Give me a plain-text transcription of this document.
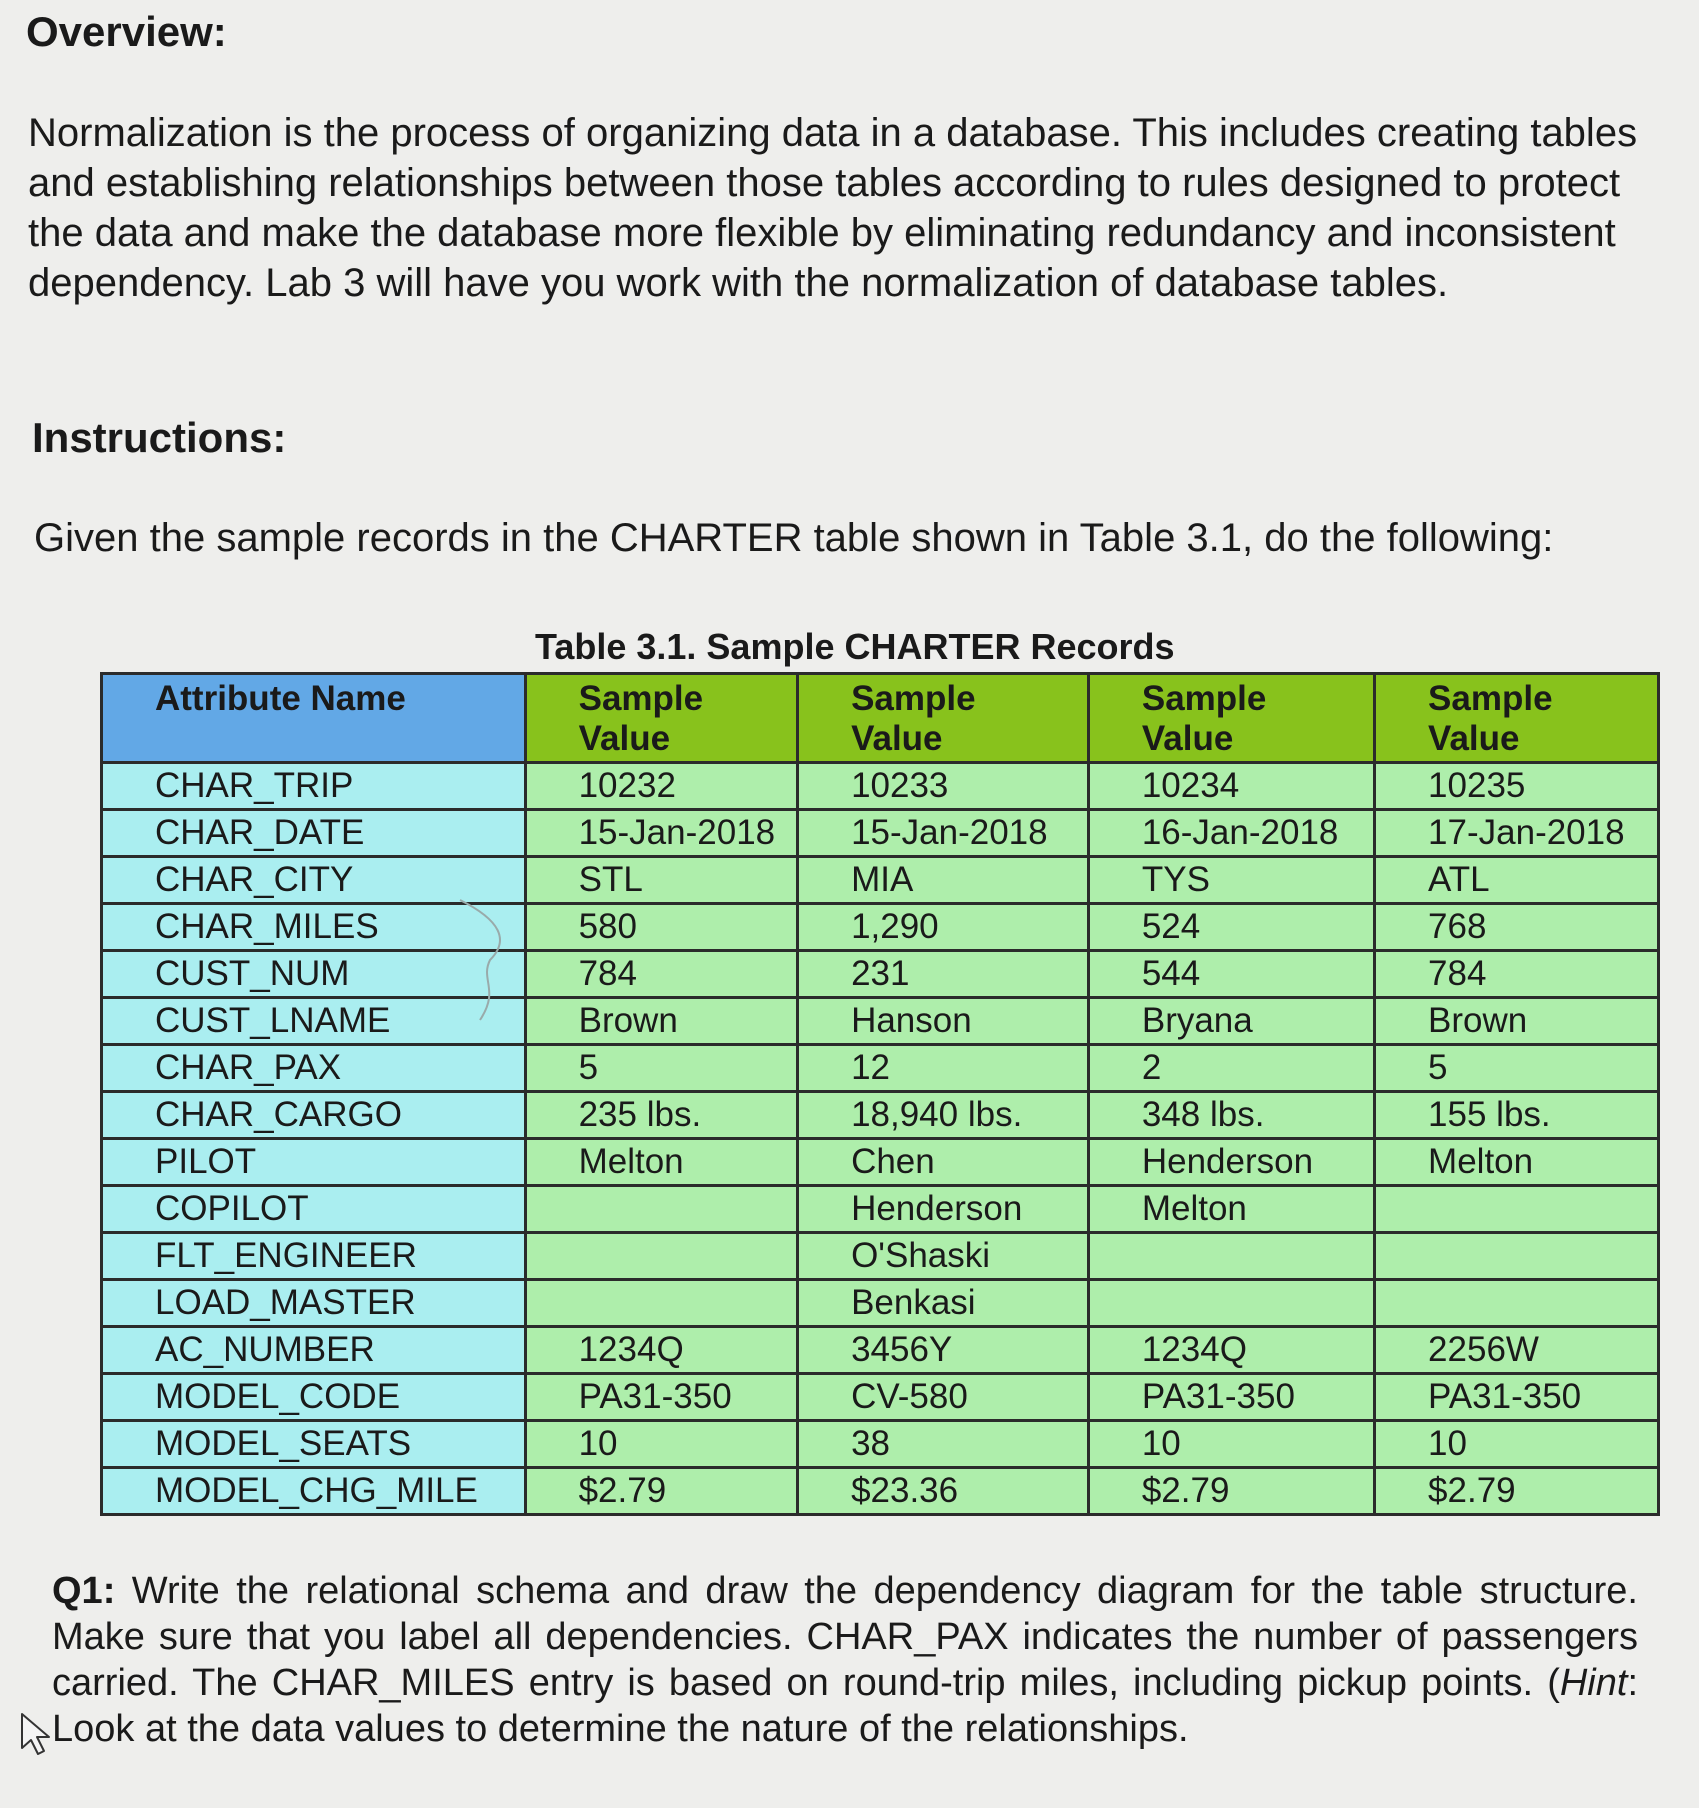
Overview:

Normalization is the process of organizing data in a database. This includes creating tables and establishing relationships between those tables according to rules designed to protect the data and make the database more flexible by eliminating redundancy and inconsistent dependency. Lab 3 will have you work with the normalization of database tables.

Instructions:

Given the sample records in the CHARTER table shown in Table 3.1, do the following:

Table 3.1. Sample CHARTER Records
Attribute Name	Sample Value	Sample Value	Sample Value	Sample Value
CHAR_TRIP	10232	10233	10234	10235
CHAR_DATE	15-Jan-2018	15-Jan-2018	16-Jan-2018	17-Jan-2018
CHAR_CITY	STL	MIA	TYS	ATL
CHAR_MILES	580	1,290	524	768
CUST_NUM	784	231	544	784
CUST_LNAME	Brown	Hanson	Bryana	Brown
CHAR_PAX	5	12	2	5
CHAR_CARGO	235 lbs.	18,940 lbs.	348 lbs.	155 lbs.
PILOT	Melton	Chen	Henderson	Melton
COPILOT		Henderson	Melton	
FLT_ENGINEER		O'Shaski		
LOAD_MASTER		Benkasi		
AC_NUMBER	1234Q	3456Y	1234Q	2256W
MODEL_CODE	PA31-350	CV-580	PA31-350	PA31-350
MODEL_SEATS	10	38	10	10
MODEL_CHG_MILE	$2.79	$23.36	$2.79	$2.79

Q1: Write the relational schema and draw the dependency diagram for the table structure. Make sure that you label all dependencies. CHAR_PAX indicates the number of passengers carried. The CHAR_MILES entry is based on round-trip miles, including pickup points. (Hint: Look at the data values to determine the nature of the relationships.
